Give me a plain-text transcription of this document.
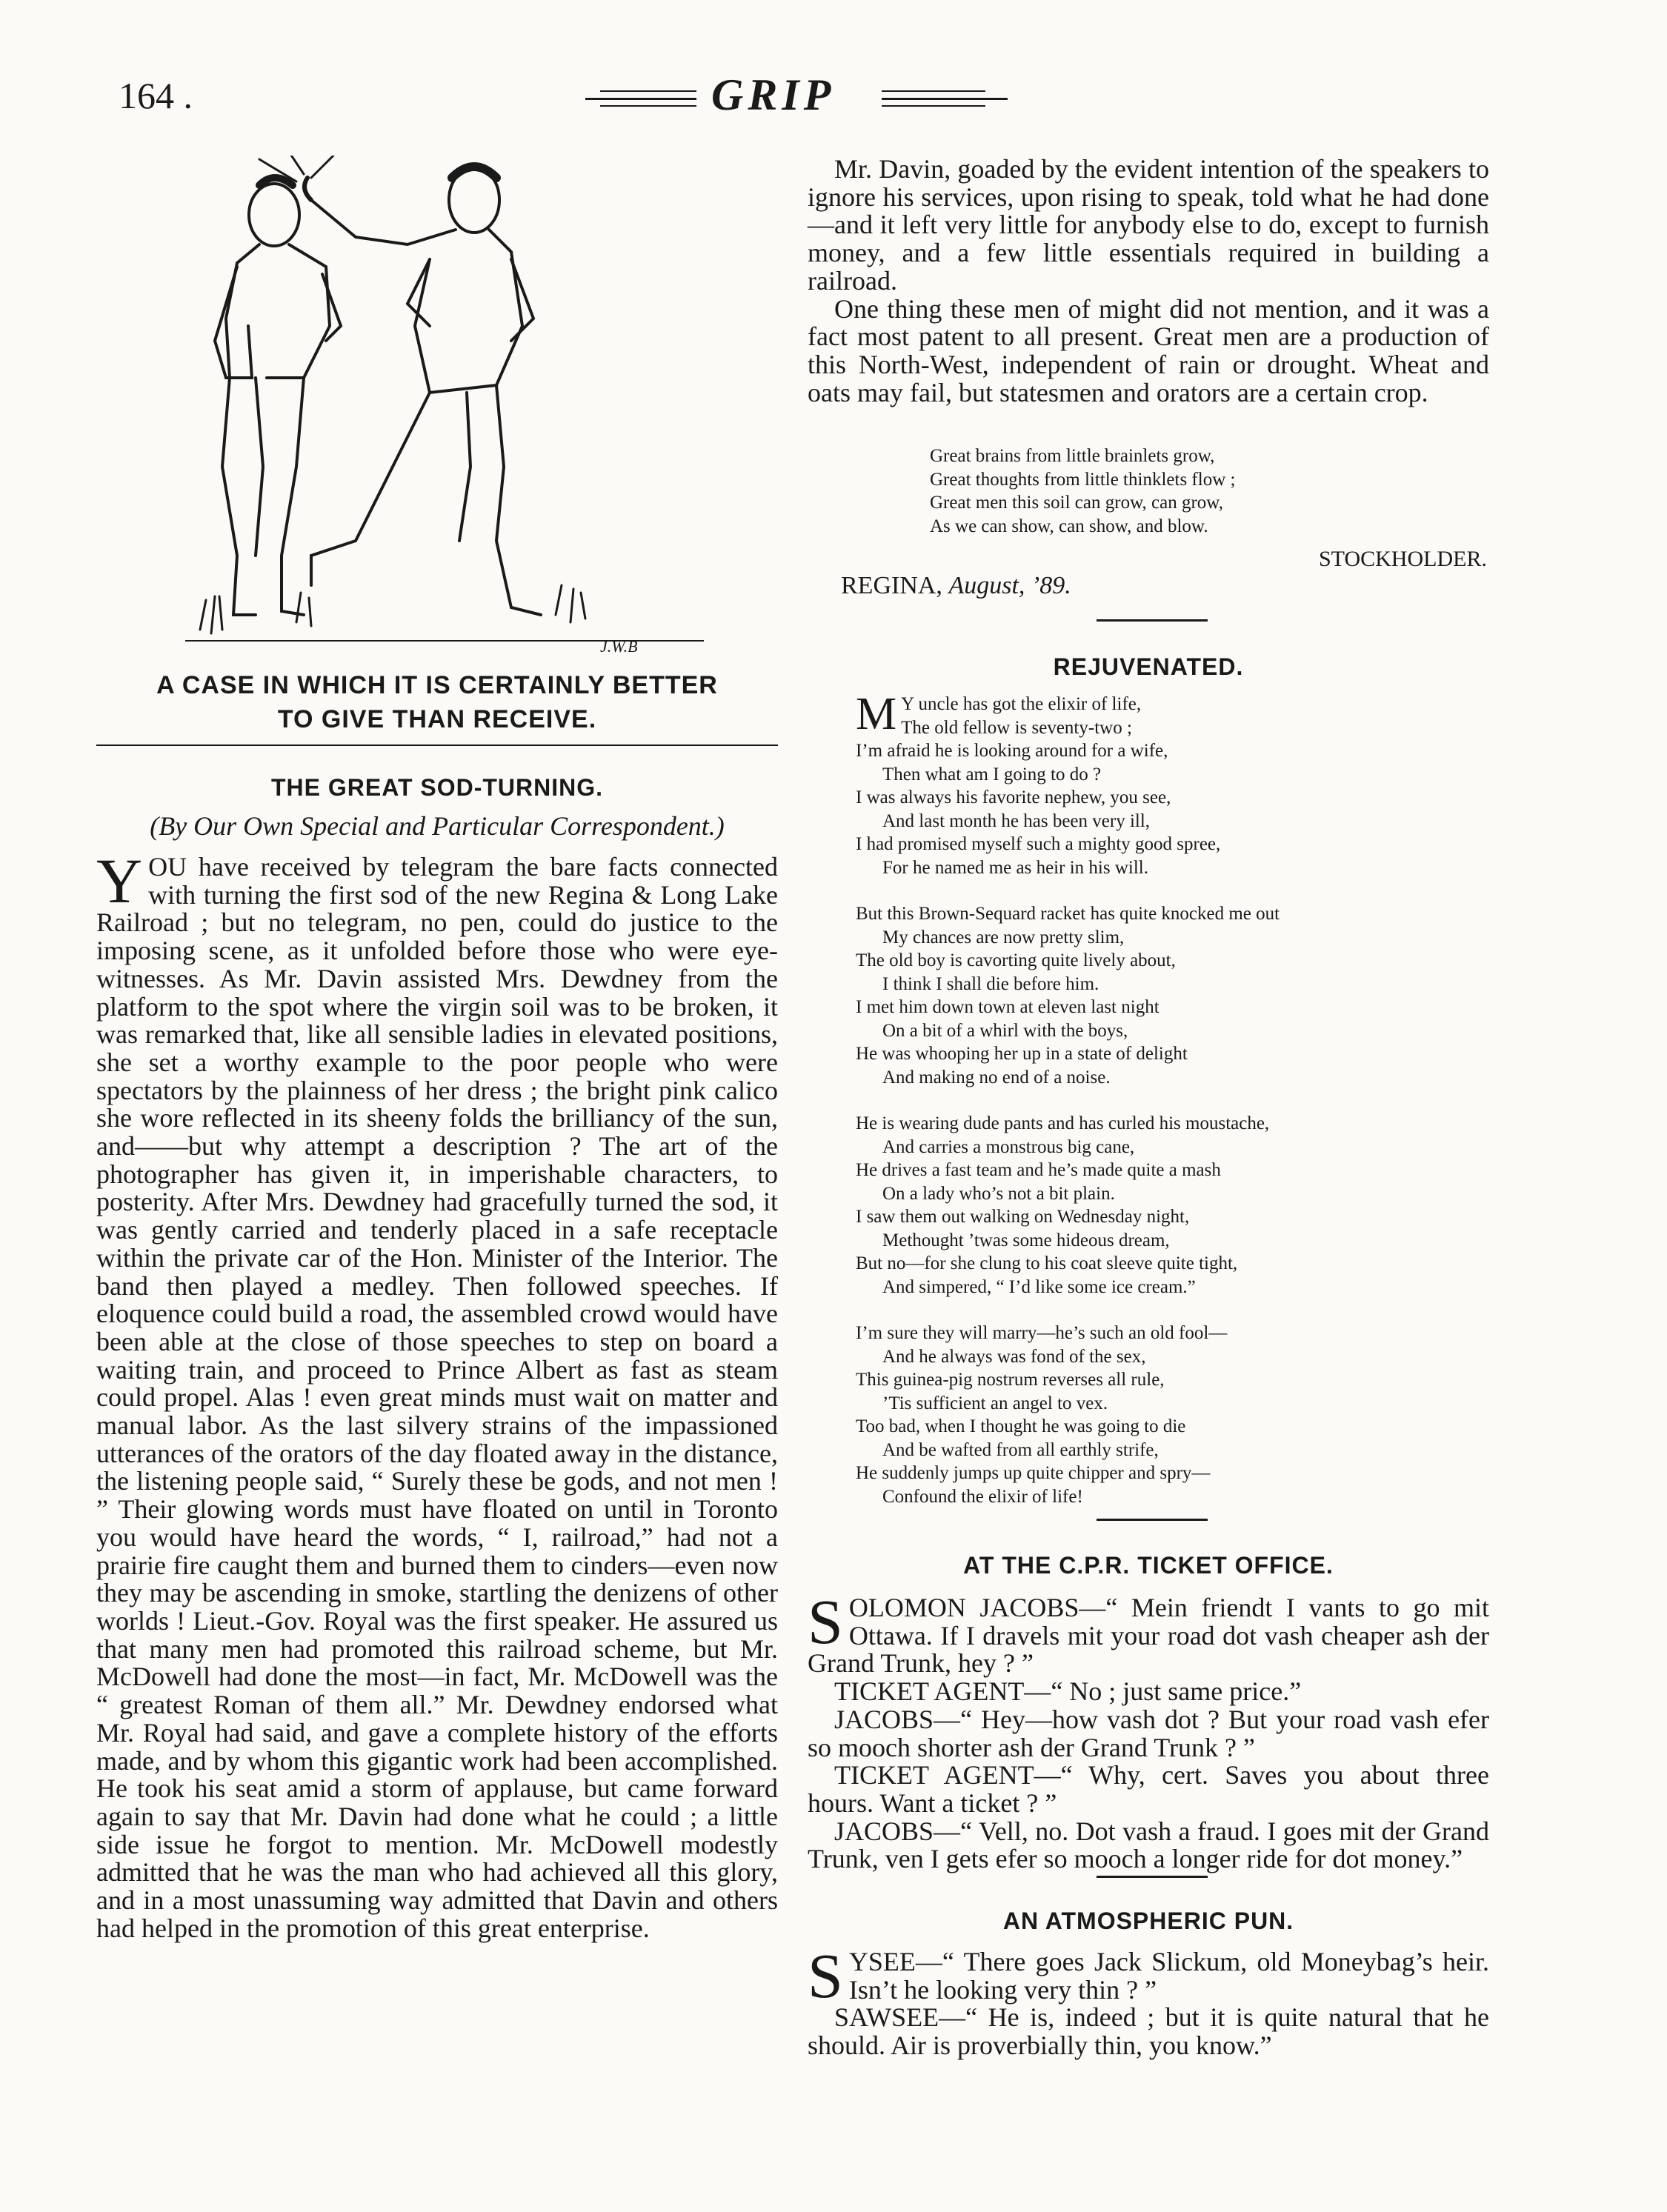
164 .	GRIP
J.W.B
A CASE IN WHICH IT IS CERTAINLY BETTER
TO GIVE THAN RECEIVE.
THE GREAT SOD-TURNING.
(By Our Own Special and Particular Correspondent.)

YOU have received by telegram the bare facts connected with turning the first sod of the new Regina & Long Lake Railroad ; but no telegram, no pen, could do justice to the imposing scene, as it unfolded before those who were eye-witnesses. As Mr. Davin assisted Mrs. Dewdney from the platform to the spot where the virgin soil was to be broken, it was remarked that, like all sensible ladies in elevated positions, she set a worthy example to the poor people who were spectators by the plainness of her dress ; the bright pink calico she wore reflected in its sheeny folds the brilliancy of the sun, and——but why attempt a description ? The art of the photographer has given it, in imperishable characters, to posterity. After Mrs. Dewdney had gracefully turned the sod, it was gently carried and tenderly placed in a safe receptacle within the private car of the Hon. Minister of the Interior. The band then played a medley. Then followed speeches. If eloquence could build a road, the assembled crowd would have been able at the close of those speeches to step on board a waiting train, and proceed to Prince Albert as fast as steam could propel. Alas ! even great minds must wait on matter and manual labor. As the last silvery strains of the impassioned utterances of the orators of the day floated away in the distance, the listening people said, “ Surely these be gods, and not men ! ” Their glowing words must have floated on until in Toronto you would have heard the words, “ I, railroad,” had not a prairie fire caught them and burned them to cinders—even now they may be ascending in smoke, startling the denizens of other worlds ! Lieut.-Gov. Royal was the first speaker. He assured us that many men had promoted this railroad scheme, but Mr. McDowell had done the most—in fact, Mr. McDowell was the “ greatest Roman of them all.” Mr. Dewdney endorsed what Mr. Royal had said, and gave a complete history of the efforts made, and by whom this gigantic work had been accomplished. He took his seat amid a storm of applause, but came forward again to say that Mr. Davin had done what he could ; a little side issue he forgot to mention. Mr. McDowell modestly admitted that he was the man who had achieved all this glory, and in a most unassuming way admitted that Davin and others had helped in the promotion of this great enterprise.

Mr. Davin, goaded by the evident intention of the speakers to ignore his services, upon rising to speak, told what he had done—and it left very little for anybody else to do, except to furnish money, and a few little essentials required in building a railroad.

One thing these men of might did not mention, and it was a fact most patent to all present. Great men are a production of this North-West, independent of rain or drought. Wheat and oats may fail, but statesmen and orators are a certain crop.

Great brains from little brainlets grow,
Great thoughts from little thinklets flow ;
Great men this soil can grow, can grow,
As we can show, can show, and blow.
STOCKHOLDER.
REGINA, August, ’89.
REJUVENATED.
M Y uncle has got the elixir of life,
The old fellow is seventy-two ;
I’m afraid he is looking around for a wife,
Then what am I going to do ?
I was always his favorite nephew, you see,
And last month he has been very ill,
I had promised myself such a mighty good spree,
For he named me as heir in his will.
But this Brown-Sequard racket has quite knocked me out
My chances are now pretty slim,
The old boy is cavorting quite lively about,
I think I shall die before him.
I met him down town at eleven last night
On a bit of a whirl with the boys,
He was whooping her up in a state of delight
And making no end of a noise.
He is wearing dude pants and has curled his moustache,
And carries a monstrous big cane,
He drives a fast team and he’s made quite a mash
On a lady who’s not a bit plain.
I saw them out walking on Wednesday night,
Methought ’twas some hideous dream,
But no—for she clung to his coat sleeve quite tight,
And simpered, “ I’d like some ice cream.”
I’m sure they will marry—he’s such an old fool—
And he always was fond of the sex,
This guinea-pig nostrum reverses all rule,
’Tis sufficient an angel to vex.
Too bad, when I thought he was going to die
And be wafted from all earthly strife,
He suddenly jumps up quite chipper and spry—
Confound the elixir of life!
AT THE C.P.R. TICKET OFFICE.

SOLOMON JACOBS—“ Mein friendt I vants to go mit Ottawa. If I dravels mit your road dot vash cheaper ash der Grand Trunk, hey ? ”

TICKET AGENT—“ No ; just same price.”

JACOBS—“ Hey—how vash dot ? But your road vash efer so mooch shorter ash der Grand Trunk ? ”

TICKET AGENT—“ Why, cert. Saves you about three hours. Want a ticket ? ”

JACOBS—“ Vell, no. Dot vash a fraud. I goes mit der Grand Trunk, ven I gets efer so mooch a longer ride for dot money.”

AN ATMOSPHERIC PUN.

SYSEE—“ There goes Jack Slickum, old Moneybag’s heir. Isn’t he looking very thin ? ”

SAWSEE—“ He is, indeed ; but it is quite natural that he should. Air is proverbially thin, you know.”
